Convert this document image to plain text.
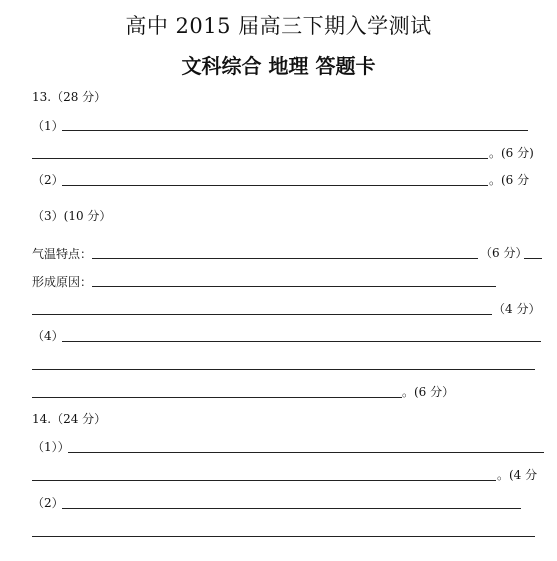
高中 2015 届高三下期入学测试
文科综合 地理 答题卡
13.（28 分）
（1）
。(6 分)
（2）	。(6 分
（3）(10 分）
气温特点：	（6 分）
形成原因：
（4 分）
（4）
。(6 分）
14.（24 分）
（1））
。(4 分
（2）
